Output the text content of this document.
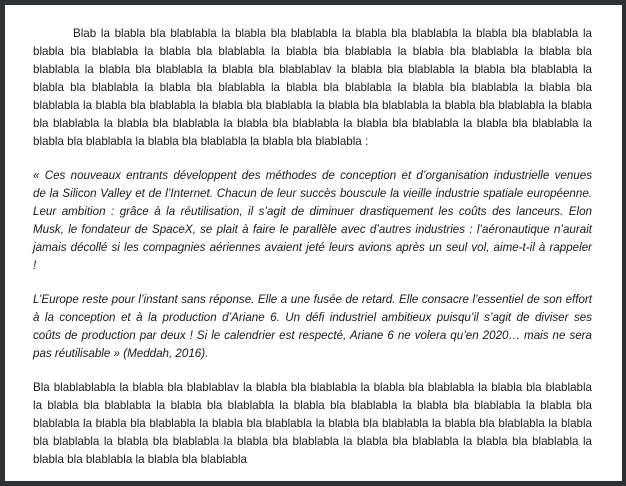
Blab la blabla bla blablabla la blabla bla blablabla la blabla bla blablabla la blabla bla blablabla la
blabla bla blablabla la blabla bla blablabla la blabla bla blablabla la blabla bla blablabla la blabla bla
blablabla la blabla bla blablabla la blabla bla blablablav la blabla bla blablabla la blabla bla blablabla la
blabla bla blablabla la blabla bla blablabla la blabla bla blablabla la blabla bla blablabla la blabla bla
blablabla la blabla bla blablabla la blabla bla blablabla la blabla bla blablabla la blabla bla blablabla la blabla
bla blablabla la blabla bla blablabla la blabla bla blablabla la blabla bla blablabla la blabla bla blablabla la
blabla bla blablabla la blabla bla blablabla la blabla bla blablabla :

« Ces nouveaux entrants développent des méthodes de conception et d’organisation industrielle venues
de la Silicon Valley et de l’Internet. Chacun de leur succès bouscule la vieille industrie spatiale européenne.
Leur ambition : grâce à la réutilisation, il s’agit de diminuer drastiquement les coûts des lanceurs. Elon
Musk, le fondateur de SpaceX, se plait à faire le parallèle avec d’autres industries : l’aéronautique n’aurait
jamais décollé si les compagnies aériennes avaient jeté leurs avions après un seul vol, aime-t-il à rappeler
!

L’Europe reste pour l’instant sans réponse. Elle a une fusée de retard. Elle consacre l’essentiel de son effort
à la conception et à la production d’Ariane 6. Un défi industriel ambitieux puisqu’il s’agit de diviser ses
coûts de production par deux ! Si le calendrier est respecté, Ariane 6 ne volera qu’en 2020… mais ne sera
pas réutilisable » (Meddah, 2016).

Bla blablablabla la blabla bla blablablav la blabla bla blablabla la blabla bla blablabla la blabla bla blablabla
la blabla bla blablabla la blabla bla blablabla la blabla bla blablabla la blabla bla blablabla la blabla bla
blablabla la blabla bla blablabla la blabla bla blablabla la blabla bla blablabla la blabla bla blablabla la blabla
bla blablabla la blabla bla blablabla la blabla bla blablabla la blabla bla blablabla la blabla bla blablabla la
blabla bla blablabla la blabla bla blablabla
